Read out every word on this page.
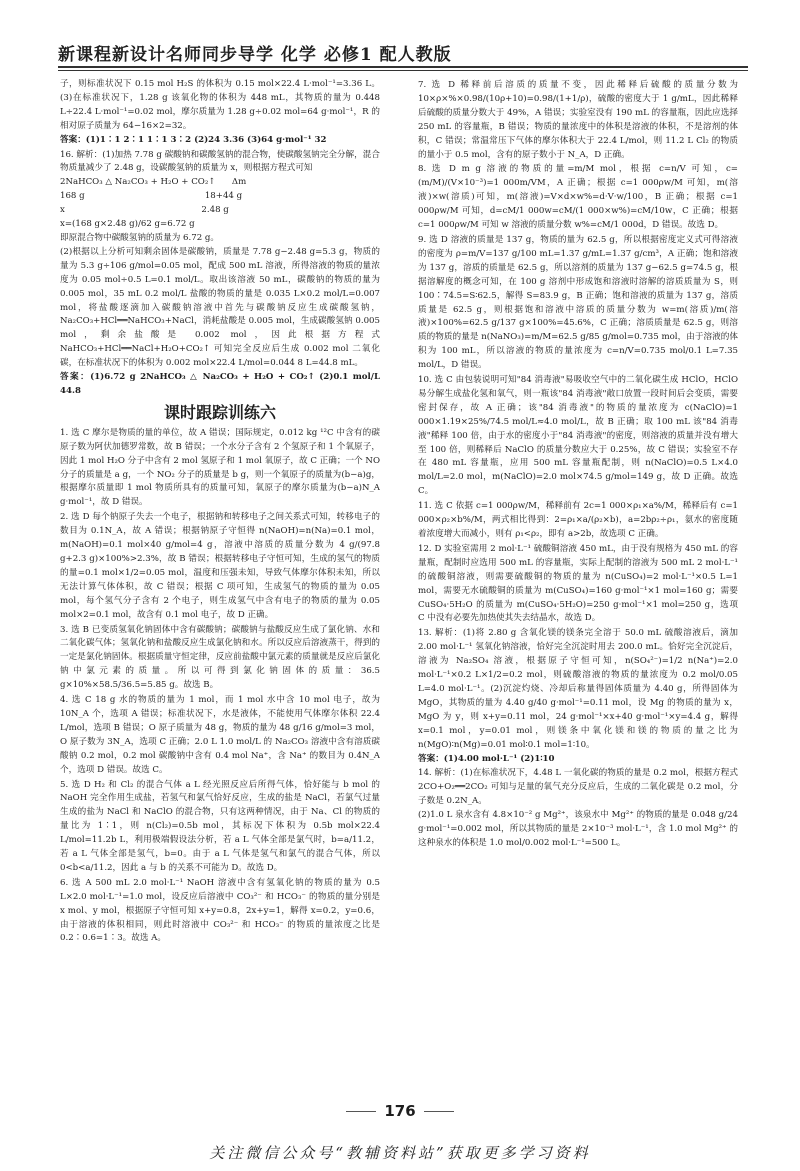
新课程新设计名师同步导学 化学 必修1 配人教版

子，则标准状况下 0.15 mol H₂S 的体积为 0.15 mol×22.4 L·mol⁻¹=3.36 L。(3)在标准状况下，1.28 g 该氧化物的体积为 448 mL，其物质的量为 0.448 L÷22.4 L·mol⁻¹=0.02 mol，摩尔质量为 1.28 g÷0.02 mol=64 g·mol⁻¹，R 的相对原子质量为 64−16×2=32。

答案：(1)1∶1 2∶1 1∶1 3∶2 (2)24 3.36 (3)64 g·mol⁻¹ 32

16. 解析：(1)加热 7.78 g 碳酸钠和碳酸氢钠的混合物，使碳酸氢钠完全分解，混合物质量减少了 2.48 g，设碳酸氢钠的质量为 x，则根据方程式可知

2NaHCO₃ △ Na₂CO₃ + H₂O + CO₂↑      Δm

168 g                                            18+44 g

x                                                  2.48 g

x=(168 g×2.48 g)/62 g=6.72 g

即原混合物中碳酸氢钠的质量为 6.72 g。

(2)根据以上分析可知剩余固体是碳酸钠，质量是 7.78 g−2.48 g=5.3 g，物质的量为 5.3 g÷106 g/mol=0.05 mol，配成 500 mL 溶液，所得溶液的物质的量浓度为 0.05 mol÷0.5 L=0.1 mol/L。取出该溶液 50 mL，碳酸钠的物质的量为 0.005 mol，35 mL 0.2 mol/L 盐酸的物质的量是 0.035 L×0.2 mol/L=0.007 mol，将盐酸逐滴加入碳酸钠溶液中首先与碳酸钠反应生成碳酸氢钠，Na₂CO₃+HCl══NaHCO₃+NaCl，消耗盐酸是 0.005 mol，生成碳酸氢钠 0.005 mol，剩余盐酸是 0.002 mol，因此根据方程式 NaHCO₃+HCl══NaCl+H₂O+CO₂↑ 可知完全反应后生成 0.002 mol 二氧化碳，在标准状况下的体积为 0.002 mol×22.4 L/mol=0.044 8 L=44.8 mL。

答案：(1)6.72 g 2NaHCO₃ △ Na₂CO₃ + H₂O + CO₂↑ (2)0.1 mol/L 44.8

课时跟踪训练六

1. 选 C 摩尔是物质的量的单位，故 A 错误；国际规定，0.012 kg ¹²C 中含有的碳原子数为阿伏加德罗常数，故 B 错误；一个水分子含有 2 个氢原子和 1 个氧原子，因此 1 mol H₂O 分子中含有 2 mol 氢原子和 1 mol 氧原子，故 C 正确；一个 NO 分子的质量是 a g，一个 NO₂ 分子的质量是 b g，则一个氧原子的质量为(b−a)g，根据摩尔质量即 1 mol 物质所具有的质量可知，氧原子的摩尔质量为(b−a)N_A g·mol⁻¹，故 D 错误。

2. 选 D 每个钠原子失去一个电子，根据钠和转移电子之间关系式可知，转移电子的数目为 0.1N_A，故 A 错误；根据钠原子守恒得 n(NaOH)=n(Na)=0.1 mol，m(NaOH)=0.1 mol×40 g/mol=4 g，溶液中溶质的质量分数为 4 g/(97.8 g+2.3 g)×100%>2.3%，故 B 错误；根据转移电子守恒可知，生成的氢气的物质的量=0.1 mol×1/2=0.05 mol，温度和压强未知，导致气体摩尔体积未知，所以无法计算气体体积，故 C 错误；根据 C 项可知，生成氢气的物质的量为 0.05 mol，每个氢气分子含有 2 个电子，则生成氢气中含有电子的物质的量为 0.05 mol×2=0.1 mol，故含有 0.1 mol 电子，故 D 正确。

3. 选 B 已变质氢氧化钠固体中含有碳酸钠；碳酸钠与盐酸反应生成了氯化钠、水和二氧化碳气体；氢氧化钠和盐酸反应生成氯化钠和水。所以反应后溶液蒸干，得到的一定是氯化钠固体。根据质量守恒定律，反应前盐酸中氯元素的质量就是反应后氯化钠中氯元素的质量。所以可得到氯化钠固体的质量：36.5 g×10%×58.5/36.5=5.85 g。故选 B。

4. 选 C 18 g 水的物质的量为 1 mol，而 1 mol 水中含 10 mol 电子，故为 10N_A 个，选项 A 错误；标准状况下，水是液体，不能使用气体摩尔体积 22.4 L/mol，选项 B 错误；O 原子质量为 48 g，物质的量为 48 g/16 g/mol=3 mol，O 原子数为 3N_A，选项 C 正确；2.0 L 1.0 mol/L 的 Na₂CO₃ 溶液中含有溶质碳酸钠 0.2 mol，0.2 mol 碳酸钠中含有 0.4 mol Na⁺，含 Na⁺ 的数目为 0.4N_A 个，选项 D 错误。故选 C。

5. 选 D H₂ 和 Cl₂ 的混合气体 a L 经光照反应后所得气体，恰好能与 b mol 的 NaOH 完全作用生成盐，若氢气和氯气恰好反应，生成的盐是 NaCl，若氯气过量生成的盐为 NaCl 和 NaClO 的混合物，只有这两种情况，由于 Na、Cl 的物质的量比为 1∶1，则 n(Cl₂)=0.5b mol，其标况下体积为 0.5b mol×22.4 L/mol=11.2b L，利用极端假设法分析，若 a L 气体全部是氯气时，b=a/11.2，若 a L 气体全部是氢气，b=0。由于 a L 气体是氢气和氯气的混合气体，所以 0<b<a/11.2，因此 a 与 b 的关系不可能为 D。故选 D。

6. 选 A 500 mL 2.0 mol·L⁻¹ NaOH 溶液中含有氢氧化钠的物质的量为 0.5 L×2.0 mol·L⁻¹=1.0 mol，设反应后溶液中 CO₃²⁻ 和 HCO₃⁻ 的物质的量分别是 x mol、y mol，根据原子守恒可知 x+y=0.8，2x+y=1，解得 x=0.2，y=0.6，由于溶液的体积相同，则此时溶液中 CO₃²⁻ 和 HCO₃⁻ 的物质的量浓度之比是 0.2∶0.6=1∶3。故选 A。

7. 选 D 稀释前后溶质的质量不变，因此稀释后硫酸的质量分数为 10×ρ×%×0.98/(10ρ+10)=0.98/(1+1/ρ)，硫酸的密度大于 1 g/mL，因此稀释后硫酸的质量分数大于 49%，A 错误；实验室没有 190 mL 的容量瓶，因此应选择 250 mL 的容量瓶，B 错误；物质的量浓度中的体积是溶液的体积，不是溶剂的体积，C 错误；常温常压下气体的摩尔体积大于 22.4 L/mol，则 11.2 L Cl₂ 的物质的量小于 0.5 mol，含有的原子数小于 N_A，D 正确。

8. 选 D m g 溶液的物质的量=m/M mol，根据 c=n/V 可知，c=(m/M)/(V×10⁻³)=1 000m/VM，A 正确；根据 c=1 000ρw/M 可知，m(溶液)×w(溶质)可知，m(溶液)=V×d×w%=d·V·w/100，B 正确；根据 c=1 000ρw/M 可知，d=cM/1 000w=cM/(1 000×w%)=cM/10w，C 正确；根据 c=1 000ρw/M 可知 w 溶液的质量分数 w%=cM/1 000d，D 错误。故选 D。

9. 选 D 溶液的质量是 137 g，物质的量为 62.5 g，所以根据密度定义式可得溶液的密度为 ρ=m/V=137 g/100 mL=1.37 g/mL=1.37 g/cm³，A 正确；饱和溶液为 137 g，溶质的质量是 62.5 g，所以溶剂的质量为 137 g−62.5 g=74.5 g，根据溶解度的概念可知，在 100 g 溶剂中形成饱和溶液时溶解的溶质质量为 S，则 100∶74.5=S∶62.5，解得 S=83.9 g，B 正确；饱和溶液的质量为 137 g，溶质质量是 62.5 g，则根据饱和溶液中溶质的质量分数为 w=m(溶质)/m(溶液)×100%=62.5 g/137 g×100%=45.6%，C 正确；溶质质量是 62.5 g，则溶质的物质的量是 n(NaNO₃)=m/M=62.5 g/85 g/mol=0.735 mol，由于溶液的体积为 100 mL，所以溶液的物质的量浓度为 c=n/V=0.735 mol/0.1 L=7.35 mol/L，D 错误。

10. 选 C 由包装说明可知"84 消毒液"易吸收空气中的二氧化碳生成 HClO，HClO 易分解生成盐化氢和氧气，则一瓶该"84 消毒液"敞口放置一段时间后会变质，需要密封保存，故 A 正确；该"84 消毒液"的物质的量浓度为 c(NaClO)=1 000×1.19×25%/74.5 mol/L≈4.0 mol/L，故 B 正确；取 100 mL 该"84 消毒液"稀释 100 倍，由于水的密度小于"84 消毒液"的密度，则溶液的质量并没有增大至 100 倍，则稀释后 NaClO 的质量分数应大于 0.25%，故 C 错误；实验室不存在 480 mL 容量瓶，应用 500 mL 容量瓶配制，则 n(NaClO)=0.5 L×4.0 mol/L=2.0 mol，m(NaClO)=2.0 mol×74.5 g/mol=149 g，故 D 正确。故选 C。

11. 选 C 依据 c=1 000ρw/M，稀释前有 2c=1 000×ρ₁×a%/M，稀释后有 c=1 000×ρ₂×b%/M，两式相比得到：2=ρ₁×a/(ρ₂×b)，a=2bρ₂÷ρ₁，氨水的密度随着浓度增大而减小，则有 ρ₁<ρ₂，即有 a>2b，故选项 C 正确。

12. D 实验室需用 2 mol·L⁻¹ 硫酸铜溶液 450 mL，由于没有规格为 450 mL 的容量瓶，配制时应选用 500 mL 的容量瓶，实际上配制的溶液为 500 mL 2 mol·L⁻¹ 的硫酸铜溶液，则需要硫酸铜的物质的量为 n(CuSO₄)=2 mol·L⁻¹×0.5 L=1 mol，需要无水硫酸铜的质量为 m(CuSO₄)=160 g·mol⁻¹×1 mol=160 g；需要 CuSO₄·5H₂O 的质量为 m(CuSO₄·5H₂O)=250 g·mol⁻¹×1 mol=250 g，选项 C 中没有必要先加热使其失去结晶水，故选 D。

13. 解析：(1)将 2.80 g 含氧化镁的镁条完全溶于 50.0 mL 硫酸溶液后，滴加 2.00 mol·L⁻¹ 氢氧化钠溶液，恰好完全沉淀时用去 200.0 mL。恰好完全沉淀后，溶液为 Na₂SO₄ 溶液，根据原子守恒可知，n(SO₄²⁻)=1/2 n(Na⁺)=2.0 mol·L⁻¹×0.2 L×1/2=0.2 mol，则硫酸溶液的物质的量浓度为 0.2 mol/0.05 L=4.0 mol·L⁻¹。(2)沉淀灼烧、冷却后称量得固体质量为 4.40 g，所得固体为 MgO，其物质的量为 4.40 g/40 g·mol⁻¹=0.11 mol，设 Mg 的物质的量为 x，MgO 为 y，则 x+y=0.11 mol，24 g·mol⁻¹×x+40 g·mol⁻¹×y=4.4 g，解得 x=0.1 mol，y=0.01 mol，则镁条中氧化镁和镁的物质的量之比为 n(MgO)∶n(Mg)=0.01 mol∶0.1 mol=1∶10。

答案：(1)4.00 mol·L⁻¹ (2)1∶10

14. 解析：(1)在标准状况下，4.48 L 一氧化碳的物质的量是 0.2 mol，根据方程式 2CO+O₂══2CO₂ 可知与足量的氧气充分反应后，生成的二氧化碳是 0.2 mol，分子数是 0.2N_A。

(2)1.0 L 泉水含有 4.8×10⁻² g Mg²⁺，该泉水中 Mg²⁺ 的物质的量是 0.048 g/24 g·mol⁻¹=0.002 mol，所以其物质的量是 2×10⁻³ mol·L⁻¹，含 1.0 mol Mg²⁺ 的这种泉水的体积是 1.0 mol/0.002 mol·L⁻¹=500 L。

176
关注微信公众号“教辅资料站”获取更多学习资料
